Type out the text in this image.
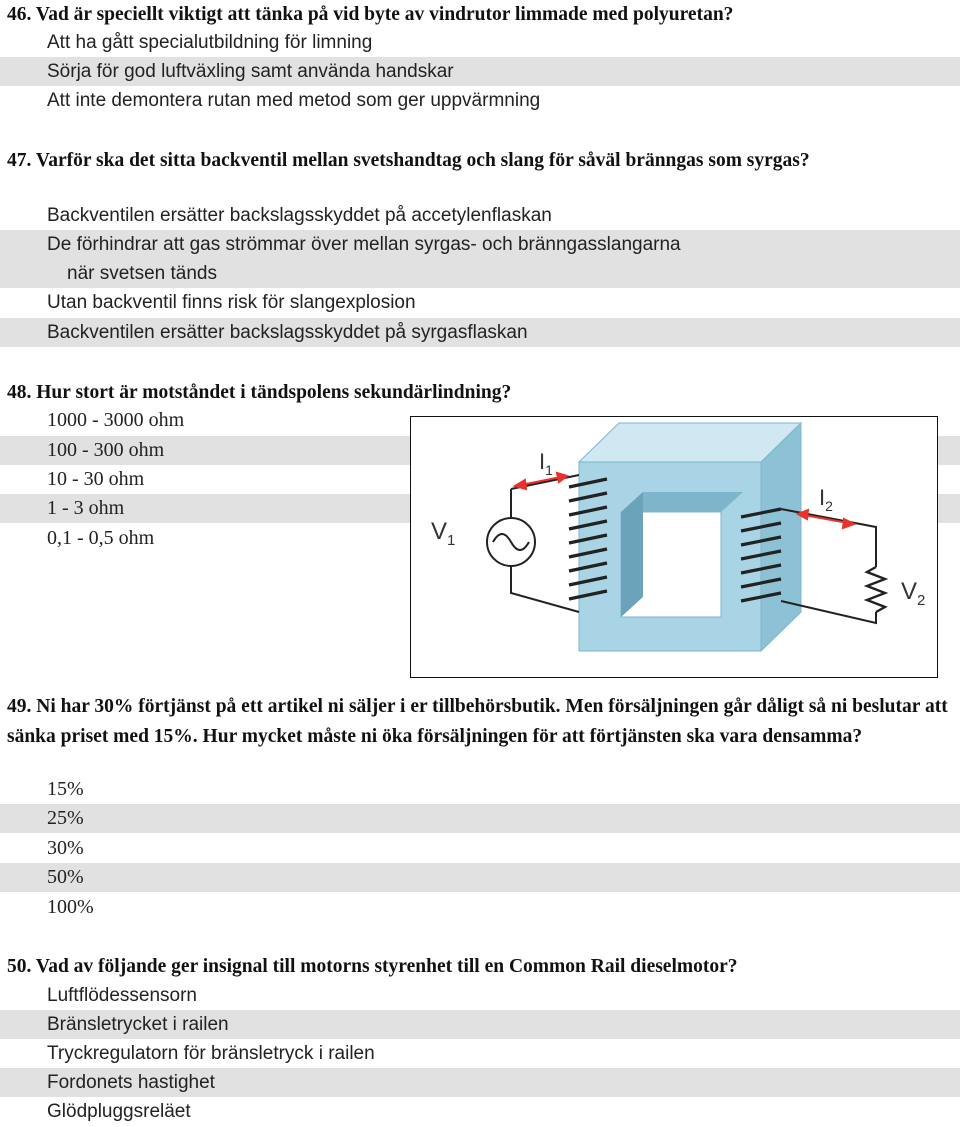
46. Vad är speciellt viktigt att tänka på vid byte av vindrutor limmade med polyuretan?
Att ha gått specialutbildning för limning
Sörja för god luftväxling samt använda handskar
Att inte demontera rutan med metod som ger uppvärmning
47. Varför ska det sitta backventil mellan svetshandtag och slang för såväl bränngas som syrgas?
Backventilen ersätter backslagsskyddet på accetylenflaskan
De förhindrar att gas strömmar över mellan syrgas- och bränngasslangarna
när svetsen tänds
Utan backventil finns risk för slangexplosion
Backventilen ersätter backslagsskyddet på syrgasflaskan
48. Hur stort är motståndet i tändspolens sekundärlindning?
1000 - 3000 ohm
100 - 300 ohm
10 - 30 ohm
1 - 3 ohm
0,1 - 0,5 ohm	$V_1$
$I_1$
$I_2$
$V_2$
49. Ni har 30% förtjänst på ett artikel ni säljer i er tillbehörsbutik. Men försäljningen går dåligt så ni beslutar att sänka priset med 15%. Hur mycket måste ni öka försäljningen för att förtjänsten ska vara densamma?
15%
25%
30%
50%
100%
50. Vad av följande ger insignal till motorns styrenhet till en Common Rail dieselmotor?
Luftflödessensorn
Bränsletrycket i railen
Tryckregulatorn för bränsletryck i railen
Fordonets hastighet
Glödpluggsreläet
